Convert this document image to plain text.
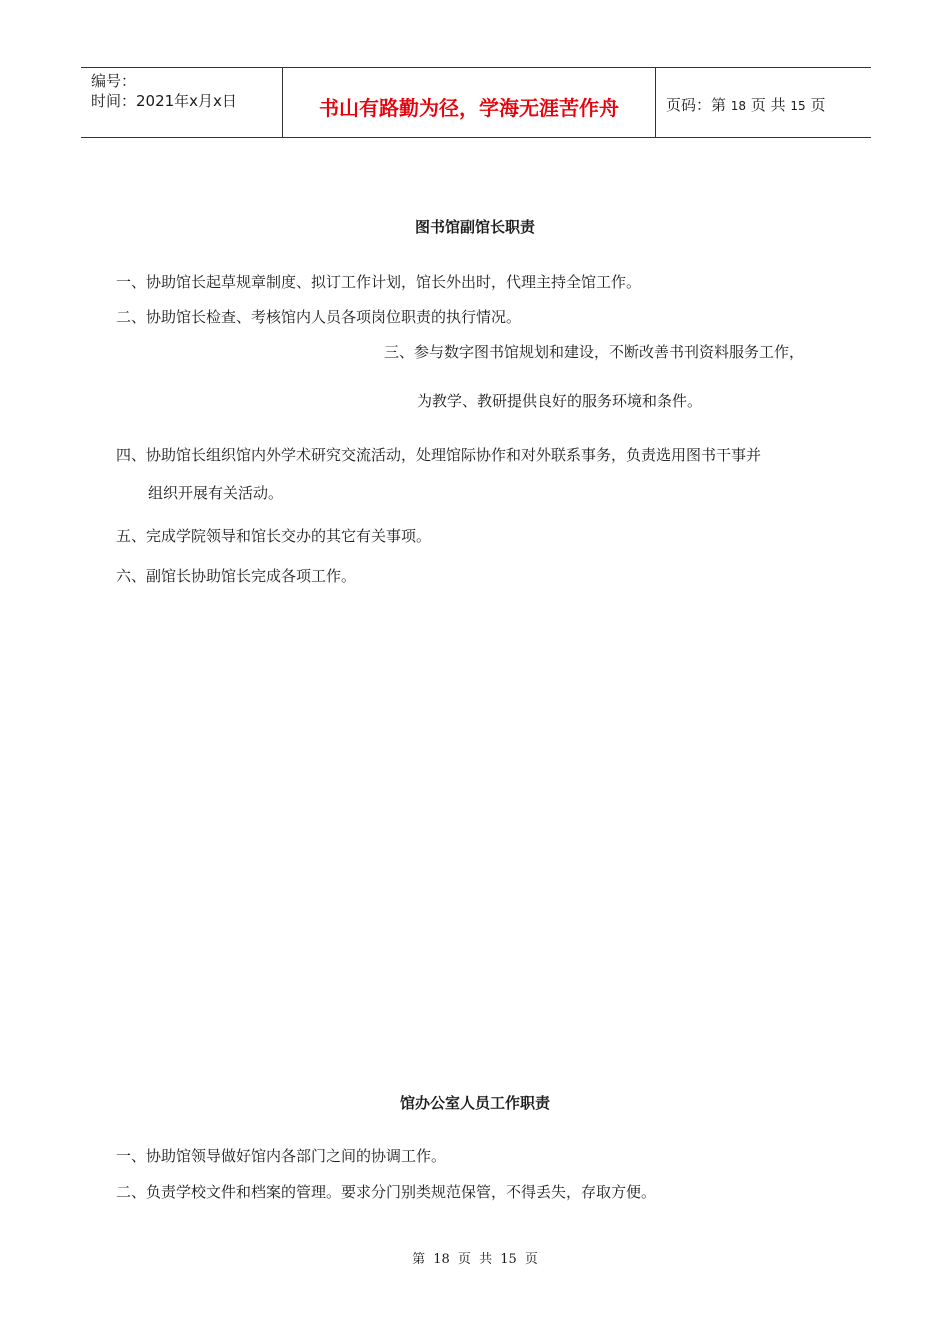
编号：
时间：2021年x月x日	书山有路勤为径，学海无涯苦作舟	页码：第 18 页 共 15 页
图书馆副馆长职责
一、协助馆长起草规章制度、拟订工作计划，馆长外出时，代理主持全馆工作。
二、协助馆长检查、考核馆内人员各项岗位职责的执行情况。
三、参与数字图书馆规划和建设，不断改善书刊资料服务工作，
为教学、教研提供良好的服务环境和条件。
四、协助馆长组织馆内外学术研究交流活动，处理馆际协作和对外联系事务，负责选用图书干事并
组织开展有关活动。
五、完成学院领导和馆长交办的其它有关事项。
六、副馆长协助馆长完成各项工作。
馆办公室人员工作职责
一、协助馆领导做好馆内各部门之间的协调工作。
二、负责学校文件和档案的管理。要求分门别类规范保管，不得丢失，存取方便。
第 18 页 共 15 页
